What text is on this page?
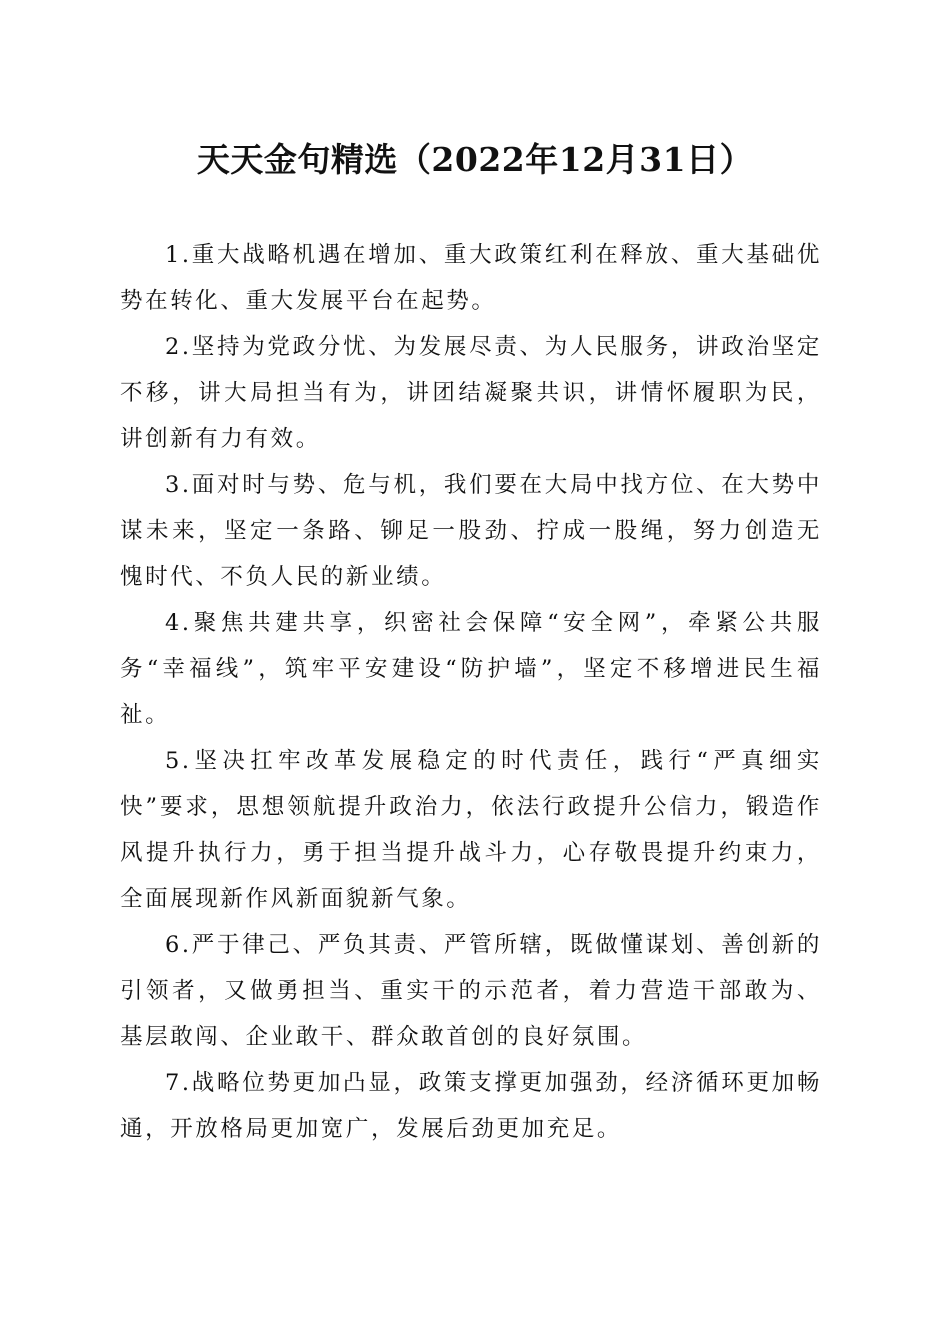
天天金句精选（2022年12月31日）

1.重大战略机遇在增加、重大政策红利在释放、重大基础优势在转化、重大发展平台在起势。

2.坚持为党政分忧、为发展尽责、为人民服务，讲政治坚定不移，讲大局担当有为，讲团结凝聚共识，讲情怀履职为民，讲创新有力有效。

3.面对时与势、危与机，我们要在大局中找方位、在大势中谋未来，坚定一条路、铆足一股劲、拧成一股绳，努力创造无愧时代、不负人民的新业绩。

4.聚焦共建共享，织密社会保障“安全网”，牵紧公共服务“幸福线”，筑牢平安建设“防护墙”，坚定不移增进民生福祉。

5.坚决扛牢改革发展稳定的时代责任，践行“严真细实快”要求，思想领航提升政治力，依法行政提升公信力，锻造作风提升执行力，勇于担当提升战斗力，心存敬畏提升约束力，全面展现新作风新面貌新气象。

6.严于律己、严负其责、严管所辖，既做懂谋划、善创新的引领者，又做勇担当、重实干的示范者，着力营造干部敢为、基层敢闯、企业敢干、群众敢首创的良好氛围。

7.战略位势更加凸显，政策支撑更加强劲，经济循环更加畅通，开放格局更加宽广，发展后劲更加充足。
